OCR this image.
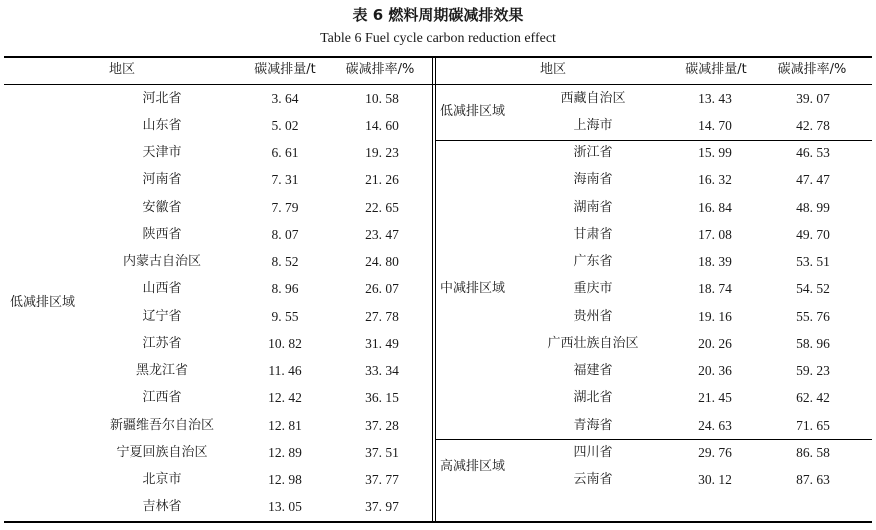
表 6 燃料周期碳减排效果
Table 6 Fuel cycle carbon reduction effect
地区	碳减排量/t 碳减排率/%	地区	碳减排量/t 碳减排率/%
低减排区域
河北省	3. 64	10. 58
山东省	5. 02	14. 60
天津市	6. 61	19. 23
河南省	7. 31	21. 26
安徽省	7. 79	22. 65
陕西省	8. 07	23. 47
内蒙古自治区	8. 52	24. 80
山西省	8. 96	26. 07
辽宁省	9. 55	27. 78
江苏省	10. 82	31. 49
黑龙江省	11. 46	33. 34
江西省	12. 42	36. 15
新疆维吾尔自治区	12. 81	37. 28
宁夏回族自治区	12. 89	37. 51
北京市	12. 98	37. 77
吉林省	13. 05	37. 97
低减排区域
西藏自治区	13. 43	39. 07
上海市	14. 70	42. 78
中减排区域
浙江省	15. 99	46. 53
海南省	16. 32	47. 47
湖南省	16. 84	48. 99
甘肃省	17. 08	49. 70
广东省	18. 39	53. 51
重庆市	18. 74	54. 52
贵州省	19. 16	55. 76
广西壮族自治区	20. 26	58. 96
福建省	20. 36	59. 23
湖北省	21. 45	62. 42
青海省	24. 63	71. 65
高减排区域
四川省	29. 76	86. 58
云南省	30. 12	87. 63
